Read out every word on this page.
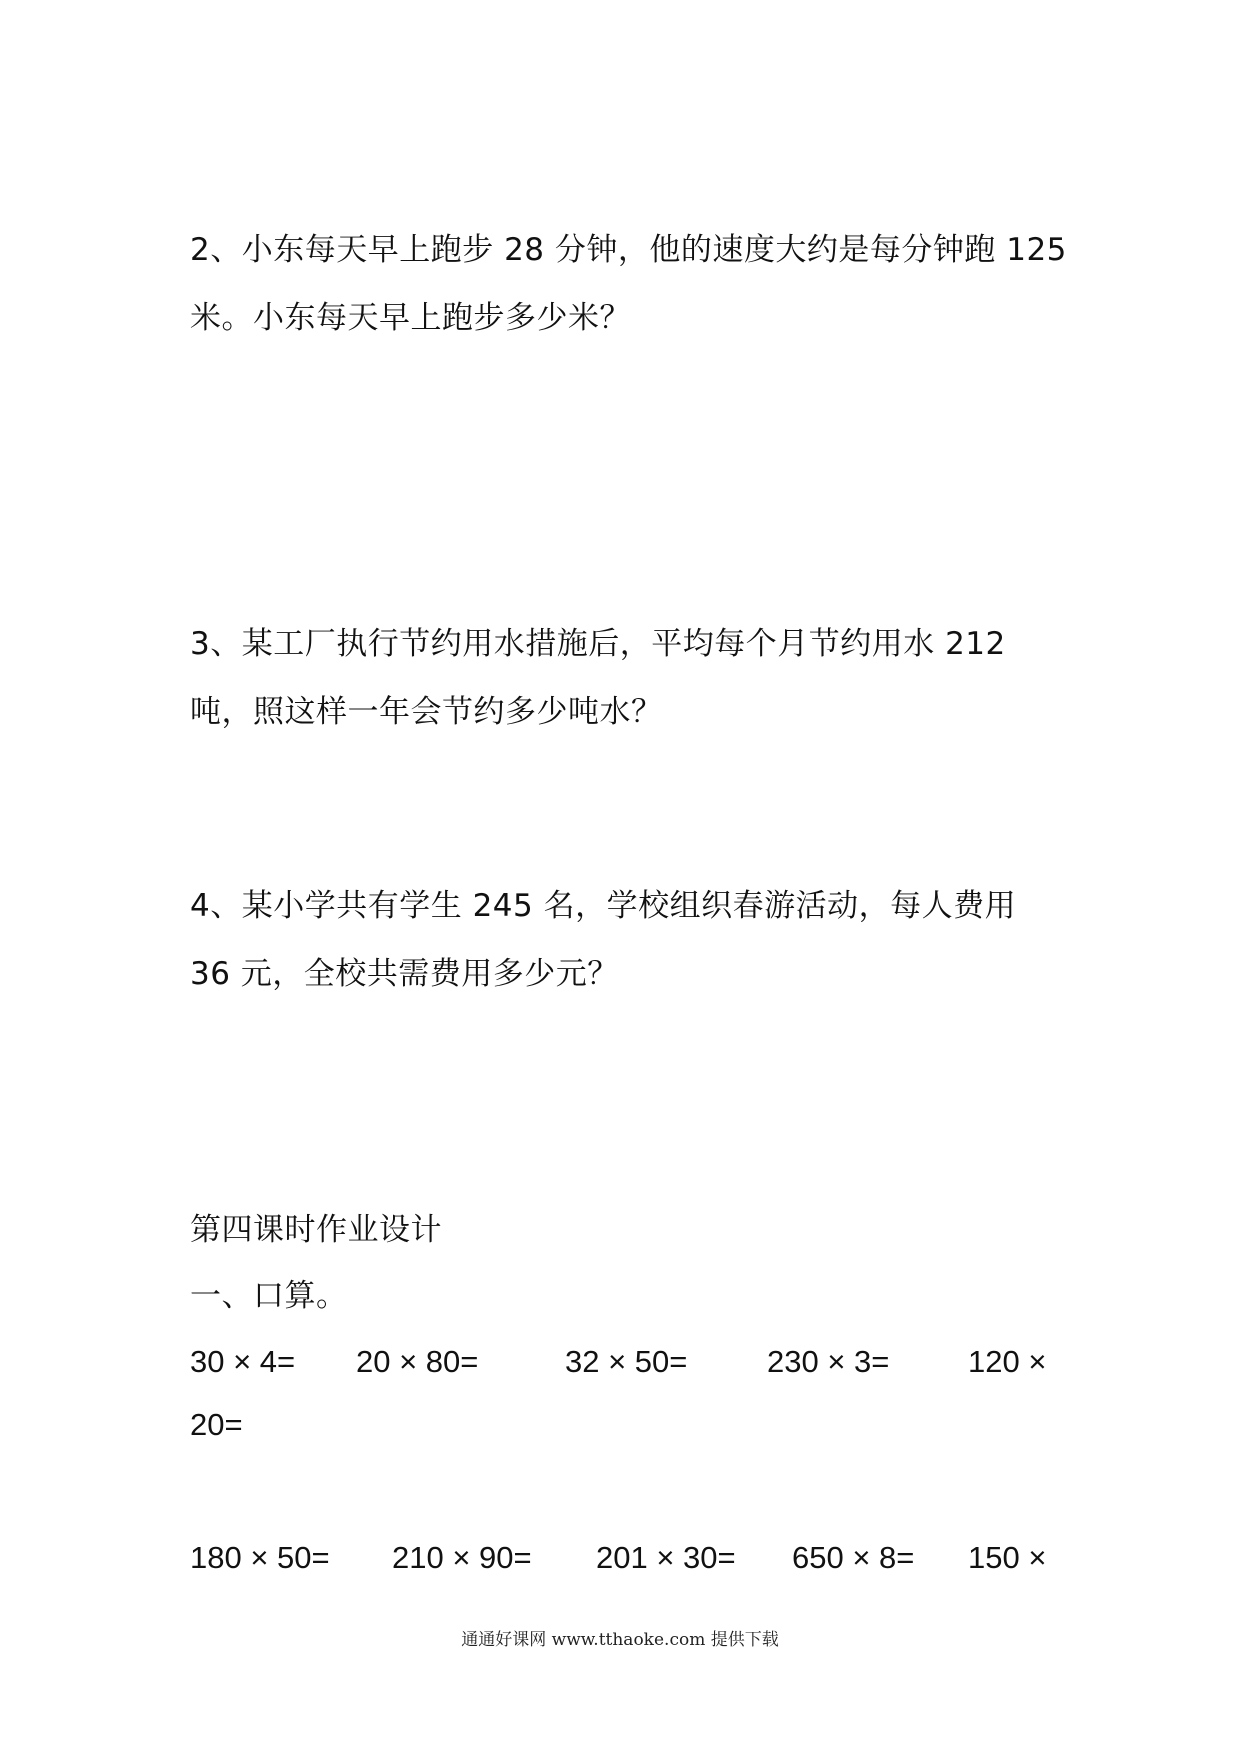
2、小东每天早上跑步 28 分钟，他的速度大约是每分钟跑 125
米。小东每天早上跑步多少米？
3、某工厂执行节约用水措施后，平均每个月节约用水 212
吨，照这样一年会节约多少吨水？
4、某小学共有学生 245 名，学校组织春游活动，每人费用
36 元，全校共需费用多少元？
第四课时作业设计
一、口算。
30 × 4= 20 × 80=	32 × 50=	230 × 3=	120 ×
20=
180 × 50= 210 × 90= 201 × 30= 650 × 8= 150 ×
通通好课网 www.tthaoke.com 提供下载
